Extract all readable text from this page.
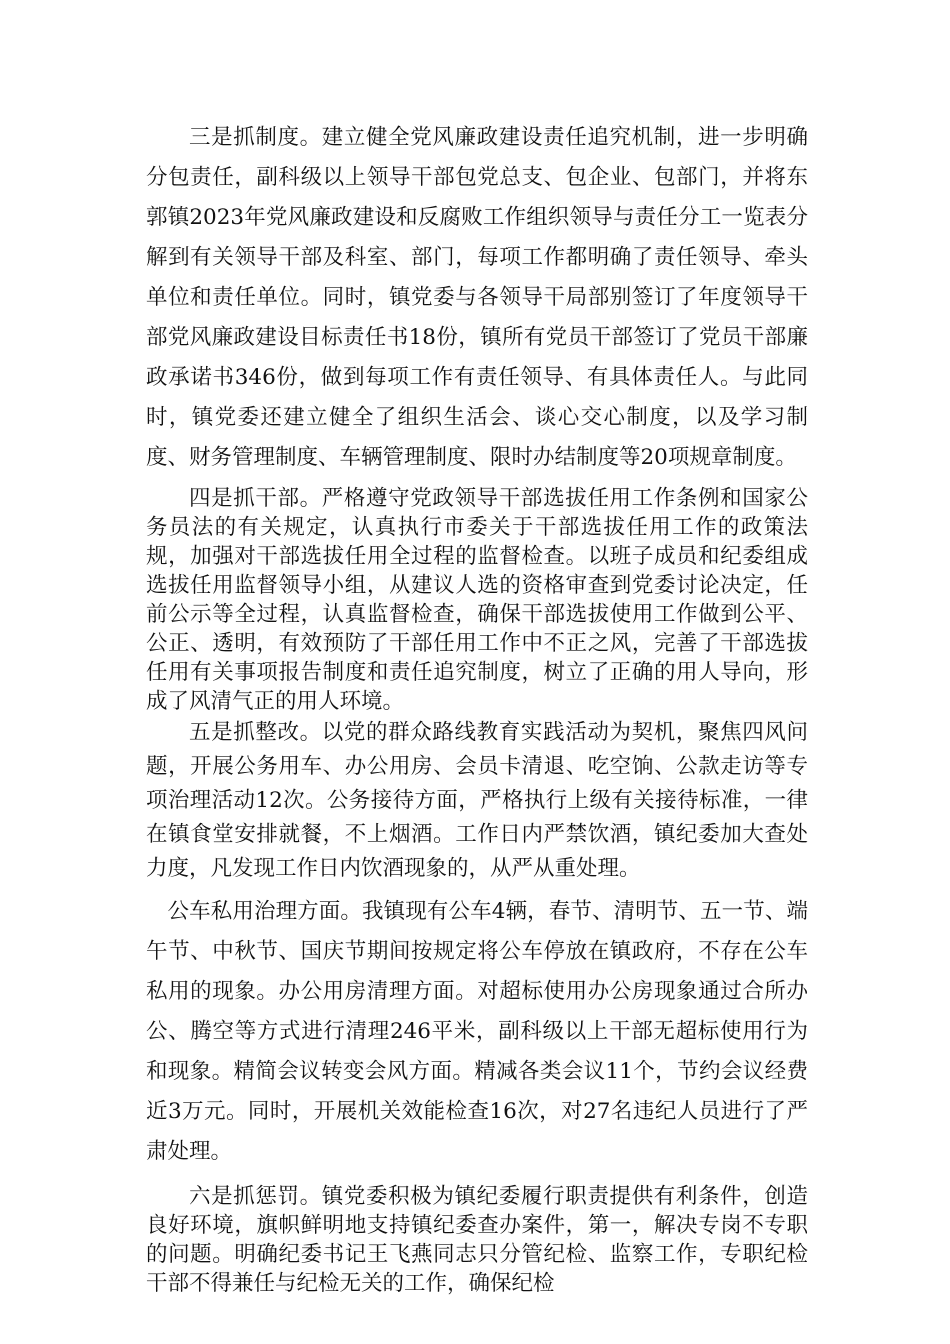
三是抓制度。建立健全党风廉政建设责任追究机制，进一步明确分包责任，副科级以上领导干部包党总支、包企业、包部门，并将东郭镇2023年党风廉政建设和反腐败工作组织领导与责任分工一览表分解到有关领导干部及科室、部门，每项工作都明确了责任领导、牵头单位和责任单位。同时，镇党委与各领导干局部别签订了年度领导干部党风廉政建设目标责任书18份，镇所有党员干部签订了党员干部廉政承诺书346份，做到每项工作有责任领导、有具体责任人。与此同时，镇党委还建立健全了组织生活会、谈心交心制度，以及学习制度、财务管理制度、车辆管理制度、限时办结制度等20项规章制度。

四是抓干部。严格遵守党政领导干部选拔任用工作条例和国家公务员法的有关规定，认真执行市委关于干部选拔任用工作的政策法规，加强对干部选拔任用全过程的监督检查。以班子成员和纪委组成选拔任用监督领导小组，从建议人选的资格审查到党委讨论决定，任前公示等全过程，认真监督检查，确保干部选拔使用工作做到公平、公正、透明，有效预防了干部任用工作中不正之风，完善了干部选拔任用有关事项报告制度和责任追究制度，树立了正确的用人导向，形成了风清气正的用人环境。

五是抓整改。以党的群众路线教育实践活动为契机，聚焦四风问题，开展公务用车、办公用房、会员卡清退、吃空饷、公款走访等专项治理活动12次。公务接待方面，严格执行上级有关接待标准，一律在镇食堂安排就餐，不上烟酒。工作日内严禁饮酒，镇纪委加大查处力度，凡发现工作日内饮酒现象的，从严从重处理。

公车私用治理方面。我镇现有公车4辆，春节、清明节、五一节、端午节、中秋节、国庆节期间按规定将公车停放在镇政府，不存在公车私用的现象。办公用房清理方面。对超标使用办公房现象通过合所办公、腾空等方式进行清理246平米，副科级以上干部无超标使用行为和现象。精简会议转变会风方面。精减各类会议11个，节约会议经费近3万元。同时，开展机关效能检查16次，对27名违纪人员进行了严肃处理。

六是抓惩罚。镇党委积极为镇纪委履行职责提供有利条件，创造良好环境，旗帜鲜明地支持镇纪委查办案件，第一，解决专岗不专职的问题。明确纪委书记王飞燕同志只分管纪检、监察工作，专职纪检干部不得兼任与纪检无关的工作，确保纪检
